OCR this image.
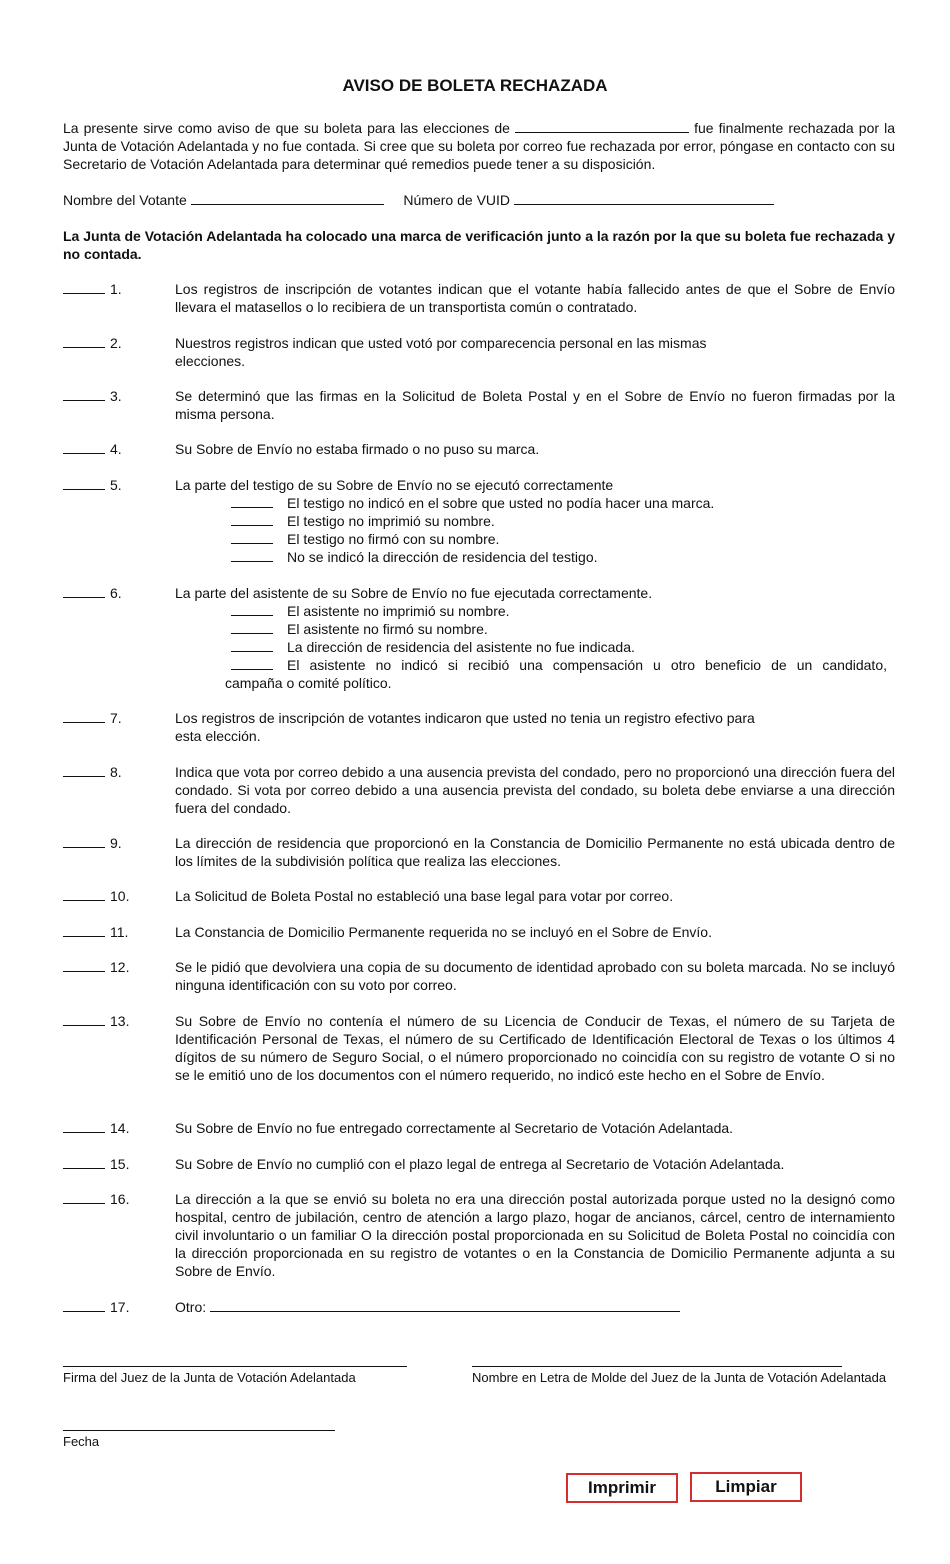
AVISO DE BOLETA RECHAZADA
La presente sirve como aviso de que su boleta para las elecciones de	fue finalmente rechazada por la Junta de Votación Adelantada y no fue contada. Si cree que su boleta por correo fue rechazada por error, póngase en contacto con su Secretario de Votación Adelantada para determinar qué remedios puede tener a su disposición.
Nombre del Votante	Número de VUID
La Junta de Votación Adelantada ha colocado una marca de verificación junto a la razón por la que su boleta fue rechazada y no contada.
1.	Los registros de inscripción de votantes indican que el votante había fallecido antes de que el Sobre de Envío llevara el matasellos o lo recibiera de un transportista común o contratado.
2.	Nuestros registros indican que usted votó por comparecencia personal en las mismas elecciones.
3.	Se determinó que las firmas en la Solicitud de Boleta Postal y en el Sobre de Envío no fueron firmadas por la misma persona.
4.	Su Sobre de Envío no estaba firmado o no puso su marca.
5.	La parte del testigo de su Sobre de Envío no se ejecutó correctamente
El testigo no indicó en el sobre que usted no podía hacer una marca.
El testigo no imprimió su nombre.
El testigo no firmó con su nombre.
No se indicó la dirección de residencia del testigo.
6.	La parte del asistente de su Sobre de Envío no fue ejecutada correctamente.
El asistente no imprimió su nombre.
El asistente no firmó su nombre.
La dirección de residencia del asistente no fue indicada.
El asistente no indicó si recibió una compensación u otro beneficio de un candidato,
campaña o comité político.
7.	Los registros de inscripción de votantes indicaron que usted no tenia un registro efectivo para esta elección.
8.	Indica que vota por correo debido a una ausencia prevista del condado, pero no proporcionó una dirección fuera del condado. Si vota por correo debido a una ausencia prevista del condado, su boleta debe enviarse a una dirección fuera del condado.
9.	La dirección de residencia que proporcionó en la Constancia de Domicilio Permanente no está ubicada dentro de los límites de la subdivisión política que realiza las elecciones.
10.	La Solicitud de Boleta Postal no estableció una base legal para votar por correo.
11.	La Constancia de Domicilio Permanente requerida no se incluyó en el Sobre de Envío.
12.	Se le pidió que devolviera una copia de su documento de identidad aprobado con su boleta marcada. No se incluyó ninguna identificación con su voto por correo.
13.	Su Sobre de Envío no contenía el número de su Licencia de Conducir de Texas, el número de su Tarjeta de Identificación Personal de Texas, el número de su Certificado de Identificación Electoral de Texas o los últimos 4 dígitos de su número de Seguro Social, o el número proporcionado no coincidía con su registro de votante O si no se le emitió uno de los documentos con el número requerido, no indicó este hecho en el Sobre de Envío.
14.	Su Sobre de Envío no fue entregado correctamente al Secretario de Votación Adelantada.
15.	Su Sobre de Envío no cumplió con el plazo legal de entrega al Secretario de Votación Adelantada.
16.	La dirección a la que se envió su boleta no era una dirección postal autorizada porque usted no la designó como hospital, centro de jubilación, centro de atención a largo plazo, hogar de ancianos, cárcel, centro de internamiento civil involuntario o un familiar O la dirección postal proporcionada en su Solicitud de Boleta Postal no coincidía con la dirección proporcionada en su registro de votantes o en la Constancia de Domicilio Permanente adjunta a su Sobre de Envío.
17.	Otro:
Firma del Juez de la Junta de Votación Adelantada	Nombre en Letra de Molde del Juez de la Junta de Votación Adelantada
Fecha
Imprimir	Limpiar
